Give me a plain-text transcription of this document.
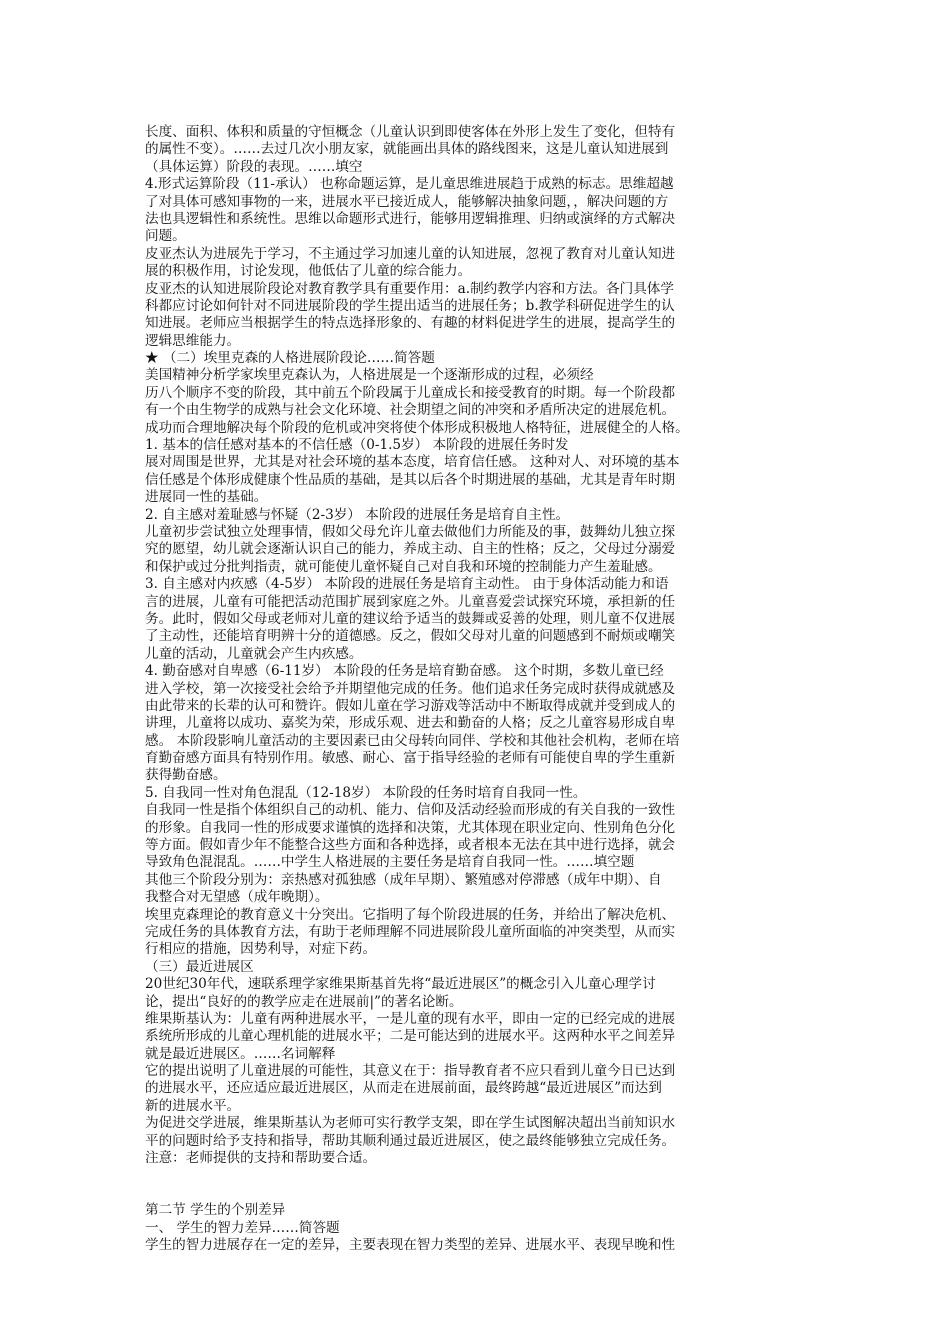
长度、面积、体积和质量的守恒概念（儿童认识到即使客体在外形上发生了变化，但特有
的属性不变）。……去过几次小朋友家，就能画出具体的路线图来，这是儿童认知进展到
（具体运算）阶段的表现。……填空
4.形式运算阶段（11-承认） 也称命题运算，是儿童思维进展趋于成熟的标志。思维超越
了对具体可感知事物的一来，进展水平已接近成人，能够解决抽象问题，，解决问题的方
法也具逻辑性和系统性。思维以命题形式进行，能够用逻辑推理、归纳或演绎的方式解决
问题。
皮亚杰认为进展先于学习，不主通过学习加速儿童的认知进展，忽视了教育对儿童认知进
展的积极作用，讨论发现，他低估了儿童的综合能力。
皮亚杰的认知进展阶段论对教育教学具有重要作用：a.制约教学内容和方法。各门具体学
科都应讨论如何针对不同进展阶段的学生提出适当的进展任务；b.教学科研促进学生的认
知进展。老师应当根据学生的特点选择形象的、有趣的材料促进学生的进展，提高学生的
逻辑思维能力。
★ （二）埃里克森的人格进展阶段论……简答题
美国精神分析学家埃里克森认为，人格进展是一个逐渐形成的过程，必须经
历八个顺序不变的阶段，其中前五个阶段属于儿童成长和接受教育的时期。每一个阶段都
有一个由生物学的成熟与社会文化环境、社会期望之间的冲突和矛盾所决定的进展危机。
成功而合理地解决每个阶段的危机或冲突将使个体形成积极地人格特征，进展健全的人格。
1. 基本的信任感对基本的不信任感（0-1.5岁） 本阶段的进展任务时发
展对周围是世界，尤其是对社会环境的基本态度，培育信任感。 这种对人、对环境的基本
信任感是个体形成健康个性品质的基础，是其以后各个时期进展的基础，尤其是青年时期
进展同一性的基础。
2. 自主感对羞耻感与怀疑（2-3岁） 本阶段的进展任务是培育自主性。
儿童初步尝试独立处理事情，假如父母允许儿童去做他们力所能及的事，鼓舞幼儿独立探
究的愿望，幼儿就会逐渐认识自己的能力，养成主动、自主的性格；反之，父母过分溺爱
和保护或过分批判指责，就可能使儿童怀疑自己对自我和环境的控制能力产生羞耻感。
3. 自主感对内疚感（4-5岁） 本阶段的进展任务是培育主动性。 由于身体活动能力和语
言的进展，儿童有可能把活动范围扩展到家庭之外。儿童喜爱尝试探究环境，承担新的任
务。此时，假如父母或老师对儿童的建议给予适当的鼓舞或妥善的处理，则儿童不仅进展
了主动性，还能培育明辨十分的道德感。反之，假如父母对儿童的问题感到不耐烦或嘲笑
儿童的活动，儿童就会产生内疚感。
4. 勤奋感对自卑感（6-11岁） 本阶段的任务是培育勤奋感。 这个时期，多数儿童已经
进入学校，第一次接受社会给予并期望他完成的任务。他们追求任务完成时获得成就感及
由此带来的长辈的认可和赞许。假如儿童在学习游戏等活动中不断取得成就并受到成人的
讲理，儿童将以成功、嘉奖为荣，形成乐观、进去和勤奋的人格；反之儿童容易形成自卑
感。 本阶段影响儿童活动的主要因素已由父母转向同伴、学校和其他社会机构，老师在培
育勤奋感方面具有特别作用。敏感、耐心、富于指导经验的老师有可能使自卑的学生重新
获得勤奋感。
5. 自我同一性对角色混乱（12-18岁） 本阶段的任务时培育自我同一性。
自我同一性是指个体组织自己的动机、能力、信仰及活动经验而形成的有关自我的一致性
的形象。自我同一性的形成要求谨慎的选择和决策，尤其体现在职业定向、性别角色分化
等方面。假如青少年不能整合这些方面和各种选择，或者根本无法在其中进行选择，就会
导致角色混混乱。……中学生人格进展的主要任务是培育自我同一性。……填空题
其他三个阶段分别为：亲热感对孤独感（成年早期）、繁殖感对停滞感（成年中期）、自
我整合对无望感（成年晚期）。
埃里克森理论的教育意义十分突出。它指明了每个阶段进展的任务，并给出了解决危机、
完成任务的具体教育方法，有助于老师理解不同进展阶段儿童所面临的冲突类型，从而实
行相应的措施，因势利导，对症下药。
（三）最近进展区
20世纪30年代，速联系理学家维果斯基首先将“最近进展区”的概念引入儿童心理学讨
论，提出“良好的的教学应走在进展前|”的著名论断。
维果斯基认为：儿童有两种进展水平，一是儿童的现有水平，即由一定的已经完成的进展
系统所形成的儿童心理机能的进展水平；二是可能达到的进展水平。这两种水平之间差异
就是最近进展区。……名词解释
它的提出说明了儿童进展的可能性，其意义在于：指导教育者不应只看到儿童今日已达到
的进展水平，还应适应最近进展区，从而走在进展前面，最终跨越“最近进展区”而达到
新的进展水平。
为促进交学进展，维果斯基认为老师可实行教学支架，即在学生试图解决超出当前知识水
平的问题时给予支持和指导，帮助其顺利通过最近进展区，使之最终能够独立完成任务。
注意：老师提供的支持和帮助要合适。
第二节 学生的个别差异
一、 学生的智力差异……简答题
学生的智力进展存在一定的差异，主要表现在智力类型的差异、进展水平、表现早晚和性
